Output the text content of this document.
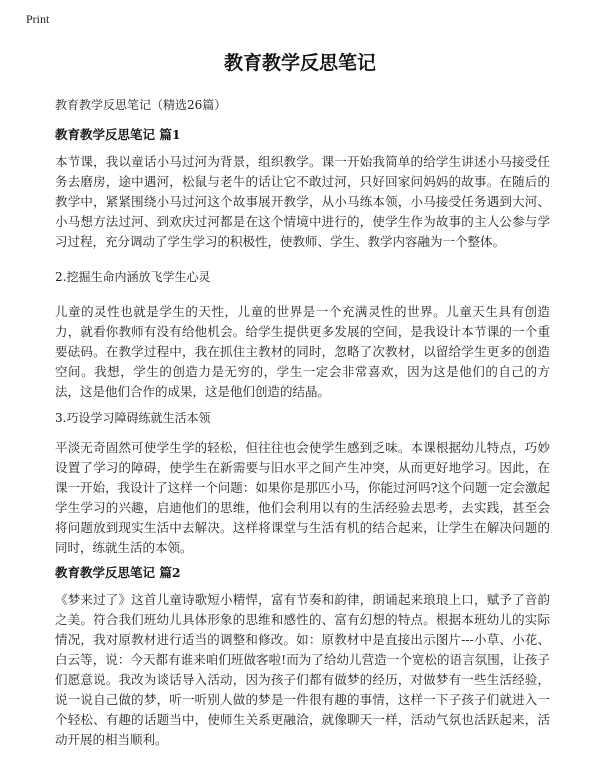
Print
教育教学反思笔记
教育教学反思笔记（精选26篇）
教育教学反思笔记 篇1
本节课，我以童话小马过河为背景，组织教学。课一开始我简单的给学生讲述小马接受任务去磨房，途中遇河，松鼠与老牛的话让它不敢过河，只好回家问妈妈的故事。在随后的教学中，紧紧围绕小马过河这个故事展开教学，从小马练本领，小马接受任务遇到大河、小马想方法过河、到欢庆过河都是在这个情境中进行的，使学生作为故事的主人公参与学习过程，充分调动了学生学习的积极性，使教师、学生、教学内容融为一个整体。
2.挖掘生命内涵放飞学生心灵
儿童的灵性也就是学生的天性，儿童的世界是一个充满灵性的世界。儿童天生具有创造力，就看你教师有没有给他机会。给学生提供更多发展的空间，是我设计本节课的一个重要砝码。在教学过程中，我在抓住主教材的同时，忽略了次教材，以留给学生更多的创造空间。我想，学生的创造力是无穷的，学生一定会非常喜欢，因为这是他们的自己的方法，这是他们合作的成果，这是他们创造的结晶。
3.巧设学习障碍练就生活本领
平淡无奇固然可使学生学的轻松，但往往也会使学生感到乏味。本课根据幼儿特点，巧妙设置了学习的障碍，使学生在新需要与旧水平之间产生冲突，从而更好地学习。因此，在课一开始，我设计了这样一个问题：如果你是那匹小马，你能过河吗?这个问题一定会激起学生学习的兴趣，启迪他们的思维，他们会利用以有的生活经验去思考，去实践，甚至会将问题放到现实生活中去解决。这样将课堂与生活有机的结合起来，让学生在解决问题的同时，练就生活的本领。
教育教学反思笔记 篇2
《梦来过了》这首儿童诗歌短小精悍，富有节奏和韵律，朗诵起来琅琅上口，赋予了音韵之美。符合我们班幼儿具体形象的思维和感性的、富有幻想的特点。根据本班幼儿的实际情况，我对原教材进行适当的调整和修改。如：原教材中是直接出示图片---小草、小花、白云等，说：今天都有谁来咱们班做客啦!而为了给幼儿营造一个宽松的语言氛围，让孩子们愿意说。我改为谈话导入活动，因为孩子们都有做梦的经历，对做梦有一些生活经验，说一说自己做的梦，听一听别人做的梦是一件很有趣的事情，这样一下子孩子们就进入一个轻松、有趣的话题当中，使师生关系更融洽，就像聊天一样，活动气氛也活跃起来，活动开展的相当顺利。
